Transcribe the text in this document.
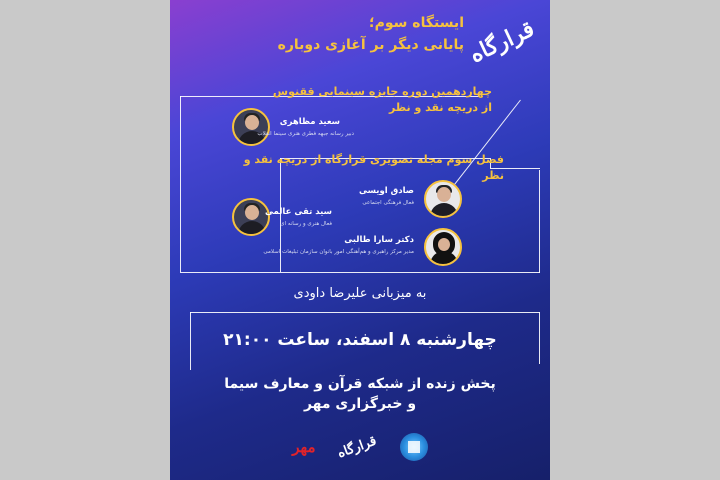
قرارگاه
ایستگاه سوم؛
پایانی دیگر بر آغازی دوباره
چهاردهمین دوره جایزه سینمایی ققنوس
از دریچه نقد و نظر
سعید مظاهری
دبیر رسانه جبهه فطری هنری سینما انقلاب
فصل سوم مجله تصویری قرارگاه از دریچه نقد و نظر
صادق اویسی
فعال فرهنگی اجتماعی
سید تقی عالمی
فعال هنری و رسانه ای
دکتر سارا طالبی
مدیر مرکز راهبری و هم‌آهنگی امور بانوان سازمان تبلیغات اسلامی
به میزبانی علیرضا داودی
چهارشنبه ۸ اسفند، ساعت ۲۱:۰۰
پخش زنده از شبکه قرآن و معارف سیما
و خبرگزاری مهر
مهر قرارگاه
